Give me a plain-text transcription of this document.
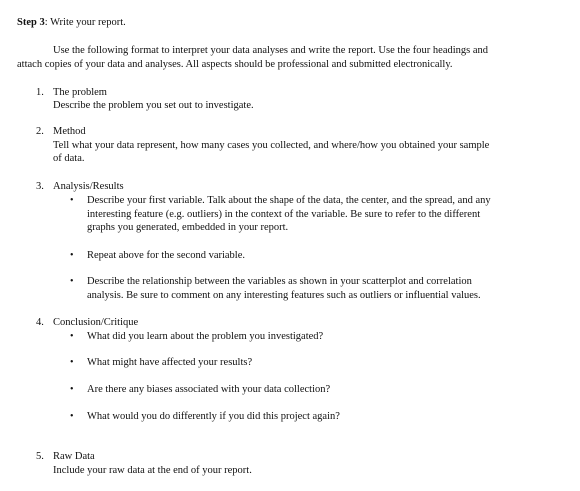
Step 3: Write your report.
Use the following format to interpret your data analyses and write the report. Use the four headings and
attach copies of your data and analyses. All aspects should be professional and submitted electronically.
1. The problem
Describe the problem you set out to investigate.
2. Method
Tell what your data represent, how many cases you collected, and where/how you obtained your sample
of data.
3. Analysis/Results
• Describe your first variable. Talk about the shape of the data, the center, and the spread, and any
interesting feature (e.g. outliers) in the context of the variable. Be sure to refer to the different
graphs you generated, embedded in your report.
• Repeat above for the second variable.
• Describe the relationship between the variables as shown in your scatterplot and correlation
analysis. Be sure to comment on any interesting features such as outliers or influential values.
4. Conclusion/Critique
• What did you learn about the problem you investigated?
• What might have affected your results?
• Are there any biases associated with your data collection?
• What would you do differently if you did this project again?
5. Raw Data
Include your raw data at the end of your report.
